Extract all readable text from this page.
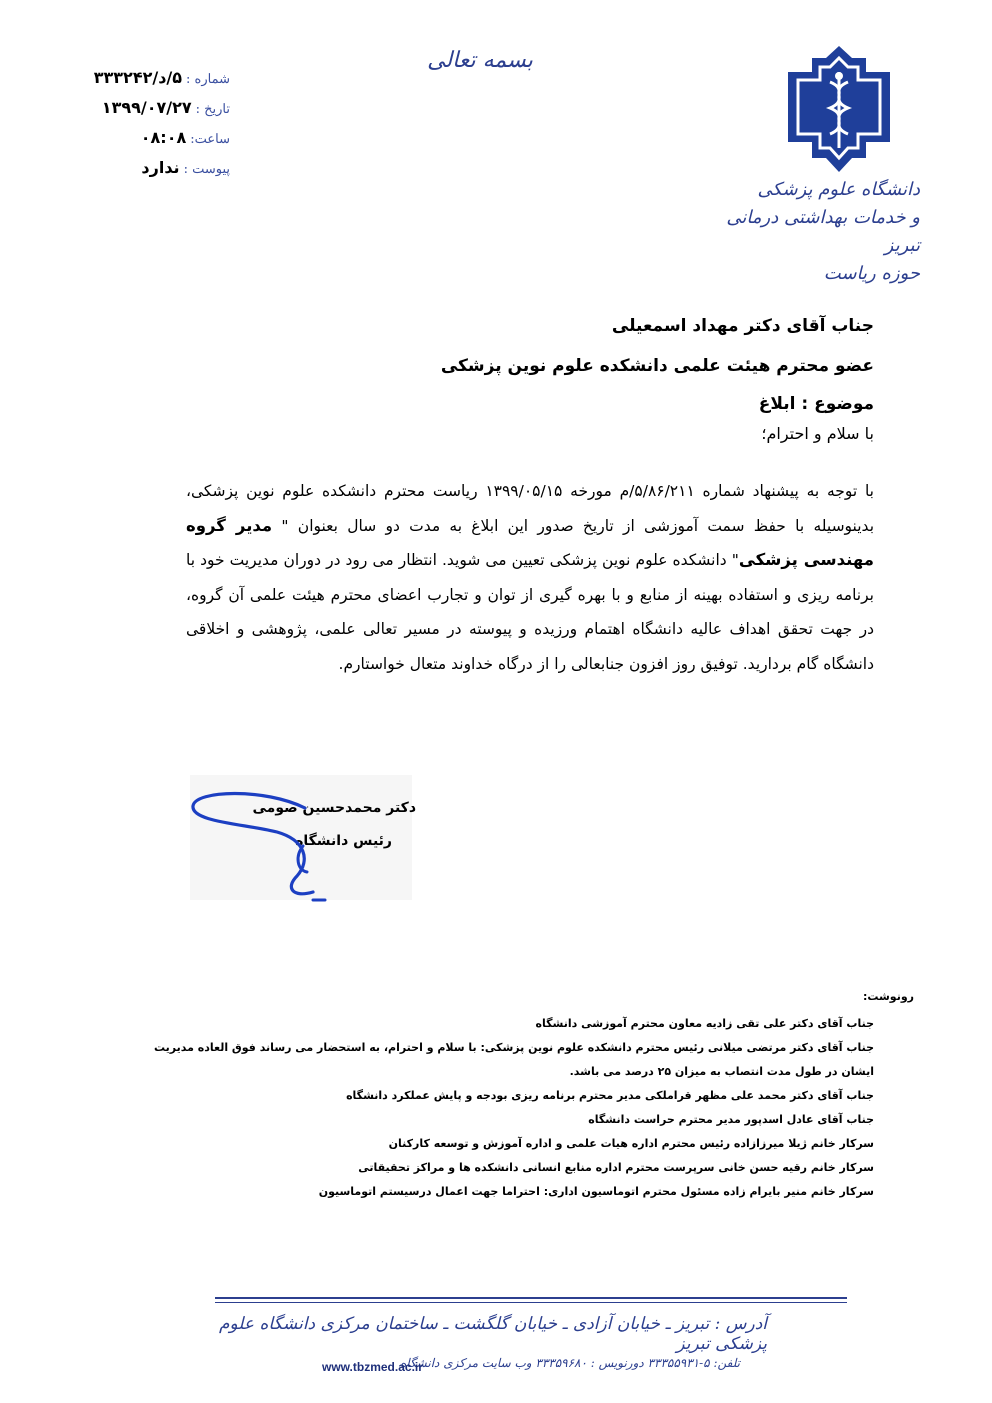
بسمه تعالی
شماره :
۵/د/۳۳۳۲۴۲
تاریخ :
۱۳۹۹/۰۷/۲۷
ساعت:
۰۸:۰۸
پیوست :
ندارد
دانشگاه علوم پزشکی
و خدمات بهداشتی درمانی تبریز
حوزه ریاست
جناب آقای دکتر مهداد اسمعیلی
عضو محترم هیئت علمی دانشکده علوم نوین پزشکی
موضوع : ابلاغ
با سلام و احترام؛
با توجه به پیشنهاد شماره ۵/۸۶/۲۱۱/م مورخه ۱۳۹۹/۰۵/۱۵ ریاست محترم دانشکده علوم نوین پزشکی، بدینوسیله با حفظ سمت آموزشی از تاریخ صدور این ابلاغ به مدت دو سال بعنوان " مدیر گروه مهندسی پزشکی" دانشکده علوم نوین پزشکی تعیین می شوید. انتظار می رود در دوران مدیریت خود با برنامه ریزی و استفاده بهینه از منابع و با بهره گیری از توان و تجارب اعضای محترم هیئت علمی آن گروه، در جهت تحقق اهداف عالیه دانشگاه اهتمام ورزیده و پیوسته در مسیر تعالی علمی، پژوهشی و اخلاقی دانشگاه گام بردارید. توفیق روز افزون جنابعالی را از درگاه خداوند متعال خواستارم.
دکتر محمدحسین صومی
رئیس دانشگاه
رونوشت:
جناب آقای دکتر علی تقی زادیه معاون محترم آموزشی دانشگاه
جناب آقای دکتر مرتضی میلانی رئیس محترم دانشکده علوم نوین پزشکی: با سلام و احترام، به استحضار می رساند فوق العاده مدیریت
ایشان در طول مدت انتصاب به میزان ۲۵ درصد می باشد.
جناب آقای دکتر محمد علی مظهر قراملکی مدیر محترم برنامه ریزی بودجه و پایش عملکرد دانشگاه
جناب آقای عادل اسدپور مدیر محترم حراست دانشگاه
سرکار خانم ژیلا میرزازاده رئیس محترم اداره هیات علمی و اداره آموزش و توسعه کارکنان
سرکار خانم رقیه حسن خانی سرپرست محترم اداره منابع انسانی دانشکده ها و مراکز تحقیقاتی
سرکار خانم منیر بایرام زاده مسئول محترم اتوماسیون اداری: احتراما جهت اعمال درسیستم اتوماسیون
آدرس : تبریز ـ خیابان آزادی ـ خیابان گلگشت ـ ساختمان مرکزی دانشگاه علوم پزشکی تبریز
تلفن: ۵-۳۳۳۵۵۹۳۱ دورنویس : ۳۳۳۵۹۶۸۰ وب سایت مرکزی دانشگاه
www.tbzmed.ac.ir
